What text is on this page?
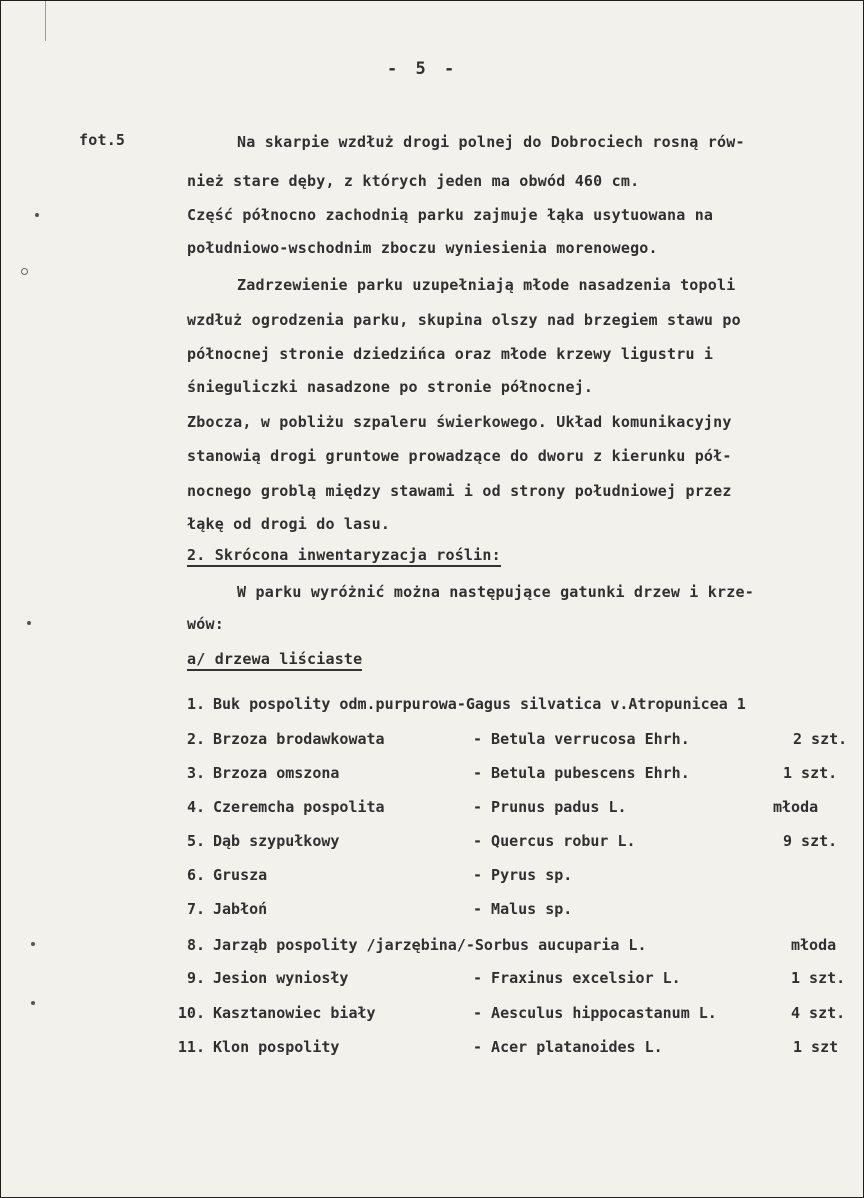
- 5 -
fot.5	Na skarpie wzdłuż drogi polnej do Dobrociech rosną rów-
nież stare dęby, z których jeden ma obwód 460 cm.
Część północno zachodnią parku zajmuje łąka usytuowana na
południowo-wschodnim zboczu wyniesienia morenowego.
Zadrzewienie parku uzupełniają młode nasadzenia topoli
wzdłuż ogrodzenia parku, skupina olszy nad brzegiem stawu po
północnej stronie dziedzińca oraz młode krzewy ligustru i
śnieguliczki nasadzone po stronie północnej.
Zbocza, w pobliżu szpaleru świerkowego. Układ komunikacyjny
stanowią drogi gruntowe prowadzące do dworu z kierunku pół-
nocnego groblą między stawami i od strony południowej przez
łąkę od drogi do lasu.
2. Skrócona inwentaryzacja roślin:
W parku wyróżnić można następujące gatunki drzew i krze-
wów:
a/ drzewa liściaste
1. Buk pospolity odm.purpurowa-Gagus silvatica v.Atropunicea 1
2. Brzoza brodawkowata	- Betula verrucosa Ehrh.	2 szt.
3. Brzoza omszona	- Betula pubescens Ehrh.	1 szt.
4. Czeremcha pospolita	- Prunus padus L.	młoda
5. Dąb szypułkowy	- Quercus robur L.	9 szt.
6. Grusza	- Pyrus sp.
7. Jabłoń	- Malus sp.
8. Jarząb pospolity /jarzębina/-Sorbus aucuparia L.	młoda
9. Jesion wyniosły	- Fraxinus excelsior L.	1 szt.
10. Kasztanowiec biały	- Aesculus hippocastanum L.	4 szt.
11. Klon pospolity	- Acer platanoides L.	1 szt
